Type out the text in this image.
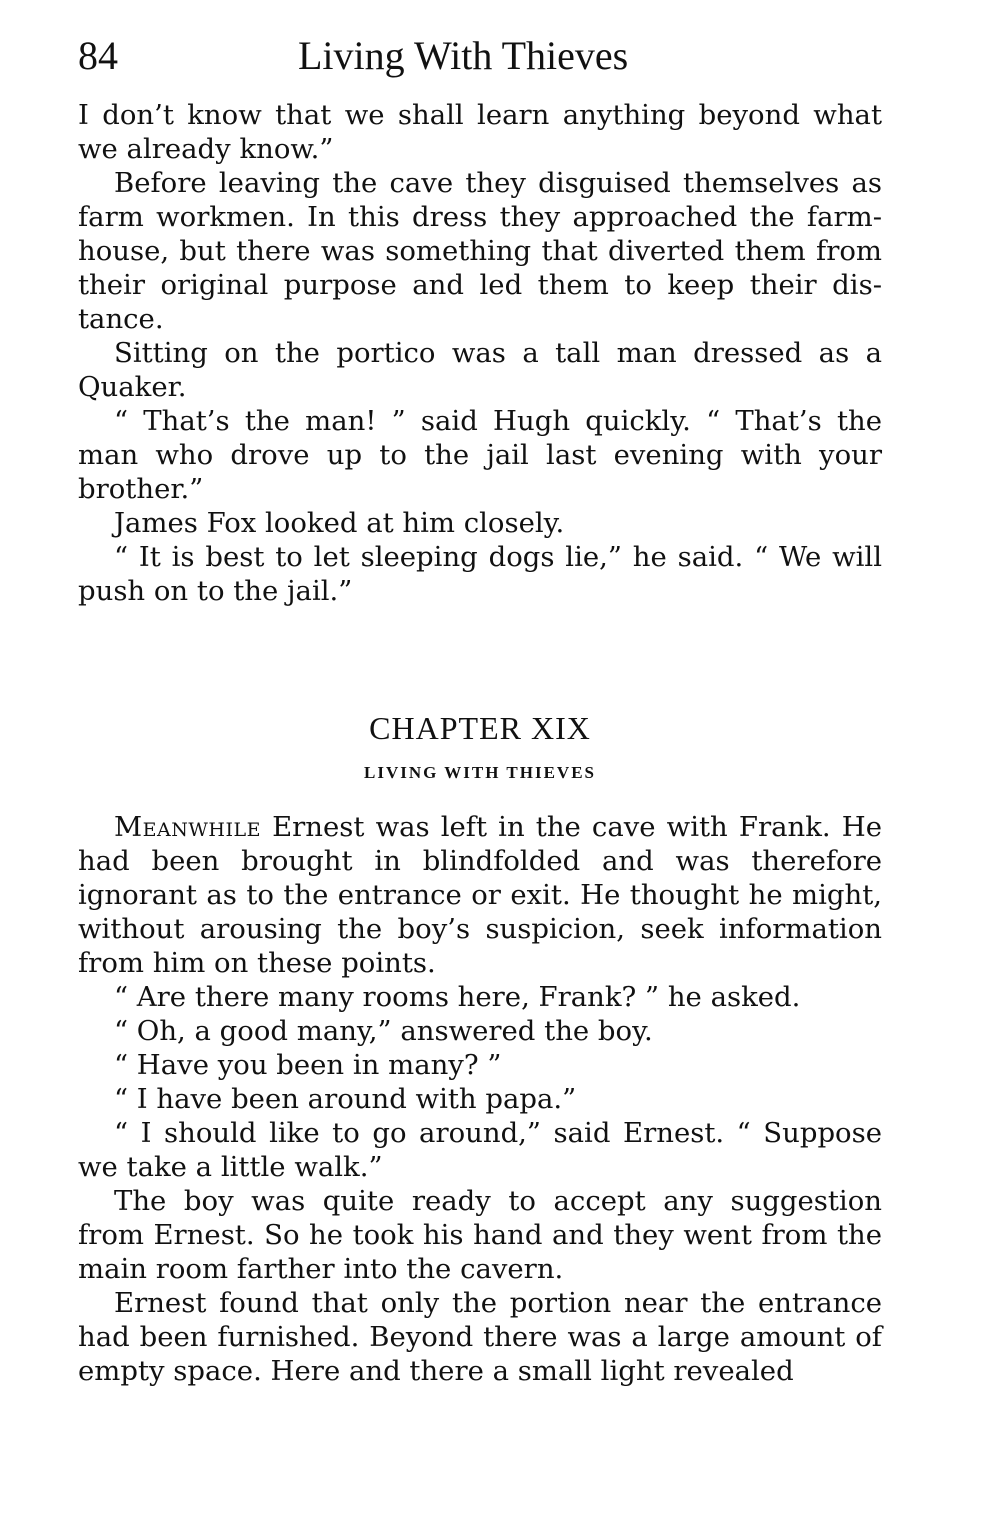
84	Living With Thieves

I don’t know that we shall learn anything beyond what we already know.”

Before leaving the cave they disguised themselves as farm workmen. In this dress they approached the farm-house, but there was something that diverted them from their original purpose and led them to keep their dis-tance.

Sitting on the portico was a tall man dressed as a Quaker.

“ That’s the man! ” said Hugh quickly. “ That’s the man who drove up to the jail last evening with your brother.”

James Fox looked at him closely.

“ It is best to let sleeping dogs lie,” he said. “ We will push on to the jail.”

CHAPTER XIX
LIVING WITH THIEVES

Meanwhile Ernest was left in the cave with Frank. He had been brought in blindfolded and was therefore ignorant as to the entrance or exit. He thought he might, without arousing the boy’s suspicion, seek information from him on these points.

“ Are there many rooms here, Frank? ” he asked.

“ Oh, a good many,” answered the boy.

“ Have you been in many? ”

“ I have been around with papa.”

“ I should like to go around,” said Ernest. “ Suppose we take a little walk.”

The boy was quite ready to accept any suggestion from Ernest. So he took his hand and they went from the main room farther into the cavern.

Ernest found that only the portion near the entrance had been furnished. Beyond there was a large amount of empty space. Here and there a small light revealed
